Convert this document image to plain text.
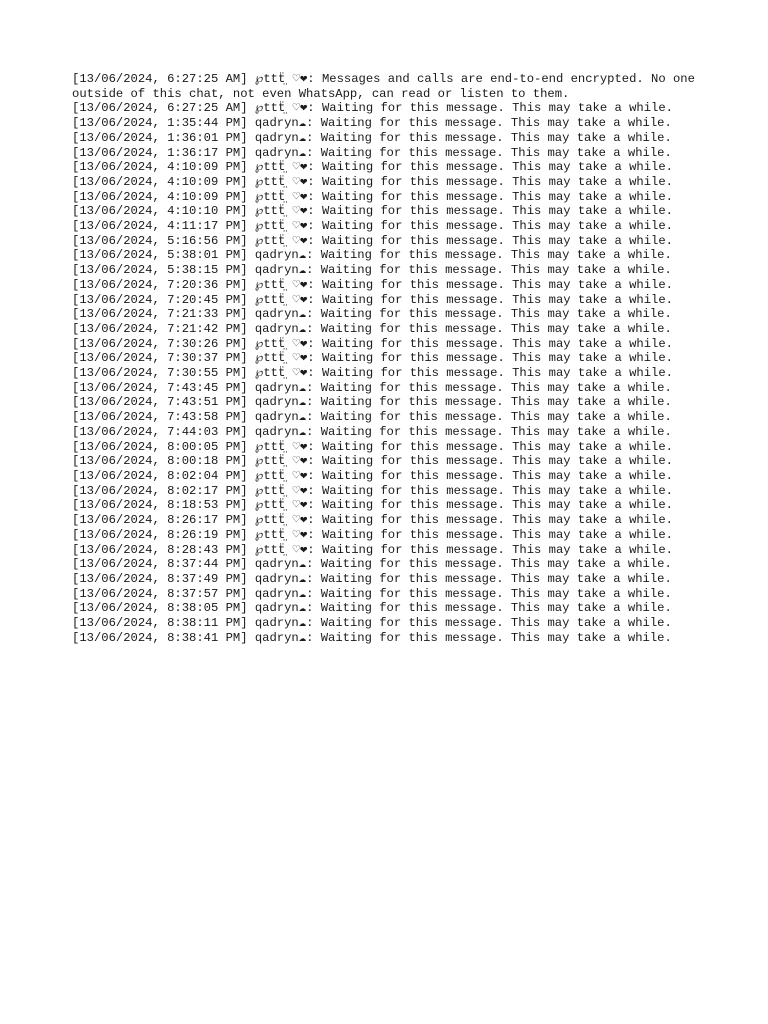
[13/06/2024, 6:27:25 AM] ℘ttẗ̤ ♡❤: Messages and calls are end-to-end encrypted. No one outside of this chat, not even WhatsApp, can read or listen to them.
[13/06/2024, 6:27:25 AM] ℘ttẗ̤ ♡❤: Waiting for this message. This may take a while.
[13/06/2024, 1:35:44 PM] qadryn☁: Waiting for this message. This may take a while.
[13/06/2024, 1:36:01 PM] qadryn☁: Waiting for this message. This may take a while.
[13/06/2024, 1:36:17 PM] qadryn☁: Waiting for this message. This may take a while.
[13/06/2024, 4:10:09 PM] ℘ttẗ̤ ♡❤: Waiting for this message. This may take a while.
[13/06/2024, 4:10:09 PM] ℘ttẗ̤ ♡❤: Waiting for this message. This may take a while.
[13/06/2024, 4:10:09 PM] ℘ttẗ̤ ♡❤: Waiting for this message. This may take a while.
[13/06/2024, 4:10:10 PM] ℘ttẗ̤ ♡❤: Waiting for this message. This may take a while.
[13/06/2024, 4:11:17 PM] ℘ttẗ̤ ♡❤: Waiting for this message. This may take a while.
[13/06/2024, 5:16:56 PM] ℘ttẗ̤ ♡❤: Waiting for this message. This may take a while.
[13/06/2024, 5:38:01 PM] qadryn☁: Waiting for this message. This may take a while.
[13/06/2024, 5:38:15 PM] qadryn☁: Waiting for this message. This may take a while.
[13/06/2024, 7:20:36 PM] ℘ttẗ̤ ♡❤: Waiting for this message. This may take a while.
[13/06/2024, 7:20:45 PM] ℘ttẗ̤ ♡❤: Waiting for this message. This may take a while.
[13/06/2024, 7:21:33 PM] qadryn☁: Waiting for this message. This may take a while.
[13/06/2024, 7:21:42 PM] qadryn☁: Waiting for this message. This may take a while.
[13/06/2024, 7:30:26 PM] ℘ttẗ̤ ♡❤: Waiting for this message. This may take a while.
[13/06/2024, 7:30:37 PM] ℘ttẗ̤ ♡❤: Waiting for this message. This may take a while.
[13/06/2024, 7:30:55 PM] ℘ttẗ̤ ♡❤: Waiting for this message. This may take a while.
[13/06/2024, 7:43:45 PM] qadryn☁: Waiting for this message. This may take a while.
[13/06/2024, 7:43:51 PM] qadryn☁: Waiting for this message. This may take a while.
[13/06/2024, 7:43:58 PM] qadryn☁: Waiting for this message. This may take a while.
[13/06/2024, 7:44:03 PM] qadryn☁: Waiting for this message. This may take a while.
[13/06/2024, 8:00:05 PM] ℘ttẗ̤ ♡❤: Waiting for this message. This may take a while.
[13/06/2024, 8:00:18 PM] ℘ttẗ̤ ♡❤: Waiting for this message. This may take a while.
[13/06/2024, 8:02:04 PM] ℘ttẗ̤ ♡❤: Waiting for this message. This may take a while.
[13/06/2024, 8:02:17 PM] ℘ttẗ̤ ♡❤: Waiting for this message. This may take a while.
[13/06/2024, 8:18:53 PM] ℘ttẗ̤ ♡❤: Waiting for this message. This may take a while.
[13/06/2024, 8:26:17 PM] ℘ttẗ̤ ♡❤: Waiting for this message. This may take a while.
[13/06/2024, 8:26:19 PM] ℘ttẗ̤ ♡❤: Waiting for this message. This may take a while.
[13/06/2024, 8:28:43 PM] ℘ttẗ̤ ♡❤: Waiting for this message. This may take a while.
[13/06/2024, 8:37:44 PM] qadryn☁: Waiting for this message. This may take a while.
[13/06/2024, 8:37:49 PM] qadryn☁: Waiting for this message. This may take a while.
[13/06/2024, 8:37:57 PM] qadryn☁: Waiting for this message. This may take a while.
[13/06/2024, 8:38:05 PM] qadryn☁: Waiting for this message. This may take a while.
[13/06/2024, 8:38:11 PM] qadryn☁: Waiting for this message. This may take a while.
[13/06/2024, 8:38:41 PM] qadryn☁: Waiting for this message. This may take a while.
